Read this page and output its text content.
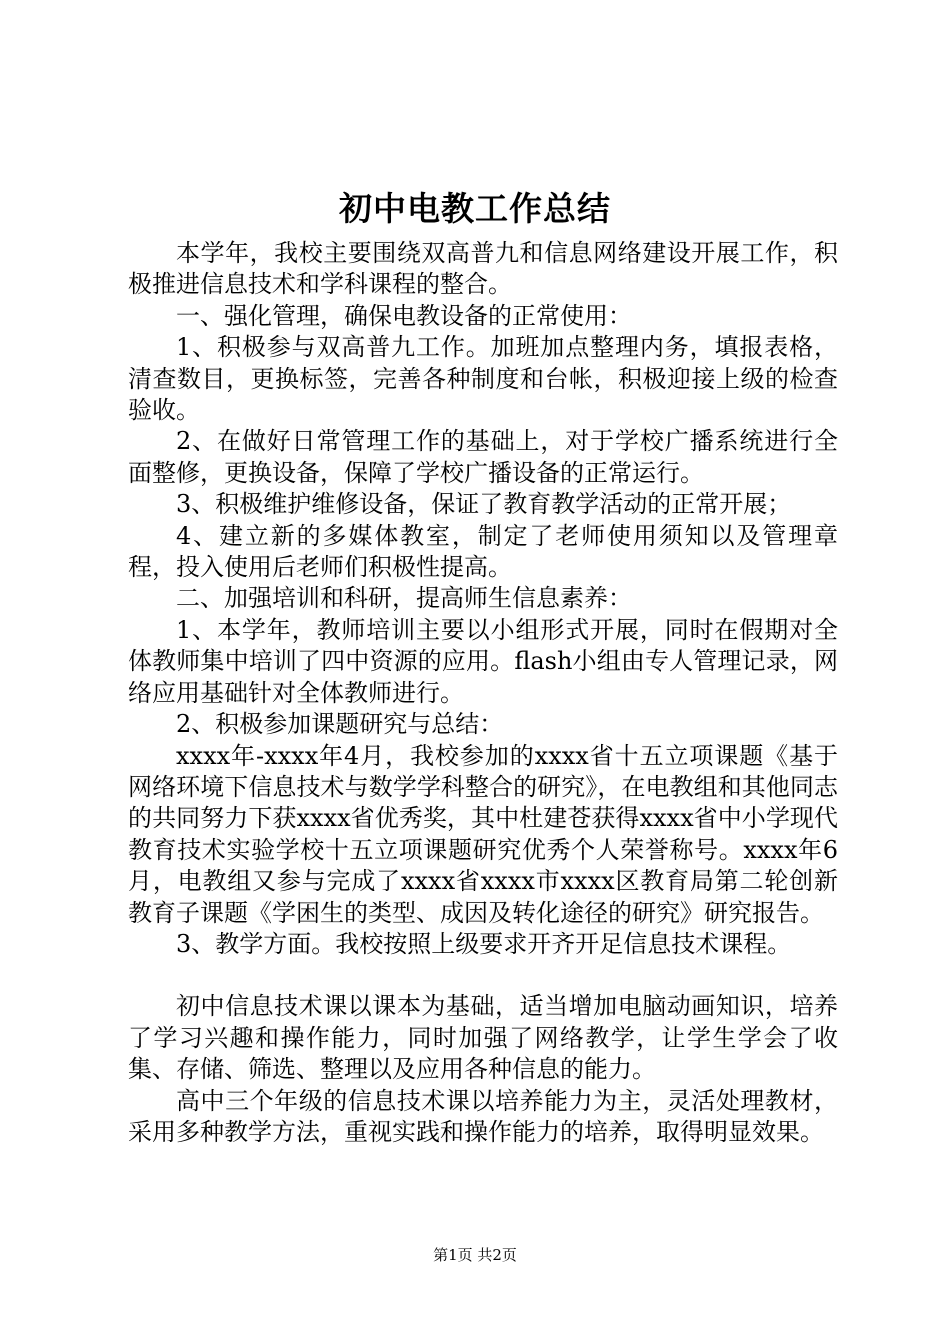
初中电教工作总结

本学年，我校主要围绕双高普九和信息网络建设开展工作，积极推进信息技术和学科课程的整合。

一、强化管理，确保电教设备的正常使用：

1、积极参与双高普九工作。加班加点整理内务，填报表格，清查数目，更换标签，完善各种制度和台帐，积极迎接上级的检查验收。

2、在做好日常管理工作的基础上，对于学校广播系统进行全面整修，更换设备，保障了学校广播设备的正常运行。

3、积极维护维修设备，保证了教育教学活动的正常开展；

4、建立新的多媒体教室，制定了老师使用须知以及管理章程，投入使用后老师们积极性提高。

二、加强培训和科研，提高师生信息素养：

1、本学年，教师培训主要以小组形式开展，同时在假期对全体教师集中培训了四中资源的应用。flash小组由专人管理记录，网络应用基础针对全体教师进行。

2、积极参加课题研究与总结：

xxxx年-xxxx年4月，我校参加的xxxx省十五立项课题《基于网络环境下信息技术与数学学科整合的研究》，在电教组和其他同志的共同努力下获xxxx省优秀奖，其中杜建苍获得xxxx省中小学现代教育技术实验学校十五立项课题研究优秀个人荣誉称号。xxxx年6月，电教组又参与完成了xxxx省xxxx市xxxx区教育局第二轮创新教育子课题《学困生的类型、成因及转化途径的研究》研究报告。

3、教学方面。我校按照上级要求开齐开足信息技术课程。

初中信息技术课以课本为基础，适当增加电脑动画知识，培养了学习兴趣和操作能力，同时加强了网络教学，让学生学会了收集、存储、筛选、整理以及应用各种信息的能力。

高中三个年级的信息技术课以培养能力为主，灵活处理教材，采用多种教学方法，重视实践和操作能力的培养，取得明显效果。

第1页 共2页
